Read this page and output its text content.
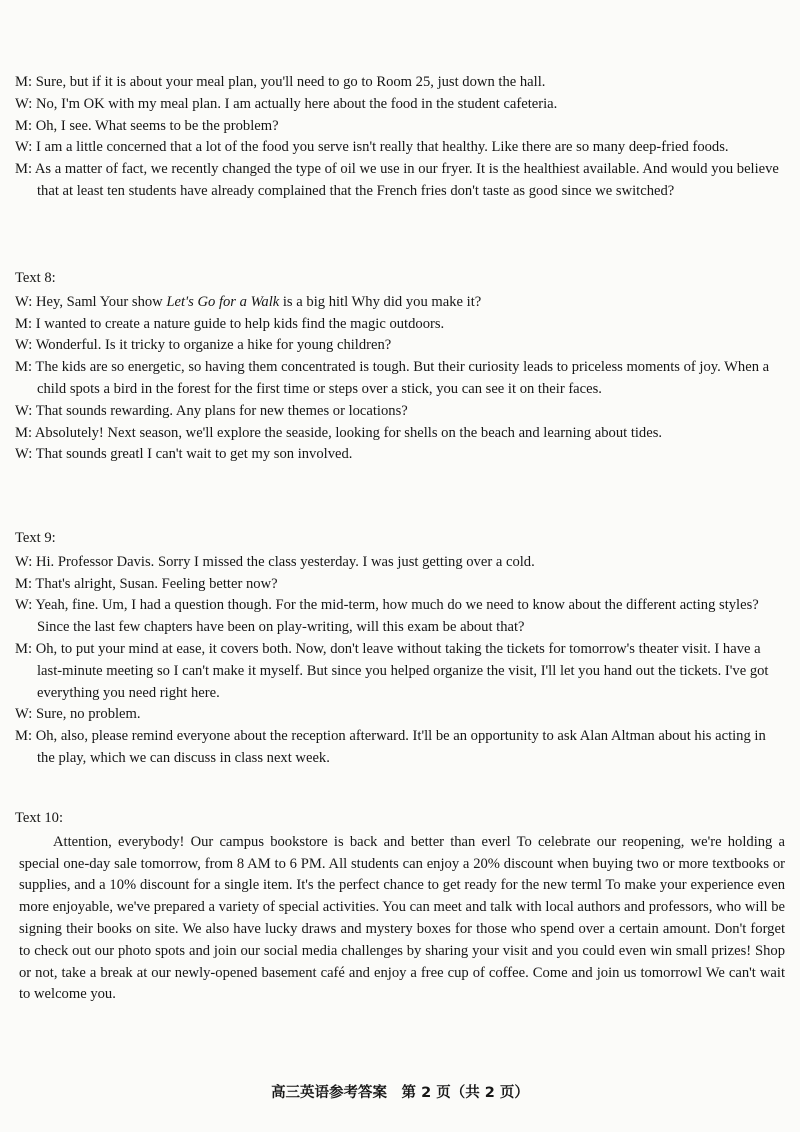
M: Sure, but if it is about your meal plan, you'll need to go to Room 25, just down the hall.

W: No, I'm OK with my meal plan. I am actually here about the food in the student cafeteria.

M: Oh, I see. What seems to be the problem?

W: I am a little concerned that a lot of the food you serve isn't really that healthy. Like there are so many deep-fried foods.

M: As a matter of fact, we recently changed the type of oil we use in our fryer. It is the healthiest available. And would you believe that at least ten students have already complained that the French fries don't taste as good since we switched?

Text 8:

W: Hey, Saml Your show Let's Go for a Walk is a big hitl Why did you make it?

M: I wanted to create a nature guide to help kids find the magic outdoors.

W: Wonderful. Is it tricky to organize a hike for young children?

M: The kids are so energetic, so having them concentrated is tough. But their curiosity leads to priceless moments of joy. When a child spots a bird in the forest for the first time or steps over a stick, you can see it on their faces.

W: That sounds rewarding. Any plans for new themes or locations?

M: Absolutely! Next season, we'll explore the seaside, looking for shells on the beach and learning about tides.

W: That sounds greatl I can't wait to get my son involved.

Text 9:

W: Hi. Professor Davis. Sorry I missed the class yesterday. I was just getting over a cold.

M: That's alright, Susan. Feeling better now?

W: Yeah, fine. Um, I had a question though. For the mid-term, how much do we need to know about the different acting styles? Since the last few chapters have been on play-writing, will this exam be about that?

M: Oh, to put your mind at ease, it covers both. Now, don't leave without taking the tickets for tomorrow's theater visit. I have a last-minute meeting so I can't make it myself. But since you helped organize the visit, I'll let you hand out the tickets. I've got everything you need right here.

W: Sure, no problem.

M: Oh, also, please remind everyone about the reception afterward. It'll be an opportunity to ask Alan Altman about his acting in the play, which we can discuss in class next week.

Text 10:

Attention, everybody! Our campus bookstore is back and better than everl To celebrate our reopening, we're holding a special one-day sale tomorrow, from 8 AM to 6 PM. All students can enjoy a 20% discount when buying two or more textbooks or supplies, and a 10% discount for a single item. It's the perfect chance to get ready for the new terml To make your experience even more enjoyable, we've prepared a variety of special activities. You can meet and talk with local authors and professors, who will be signing their books on site. We also have lucky draws and mystery boxes for those who spend over a certain amount. Don't forget to check out our photo spots and join our social media challenges by sharing your visit and you could even win small prizes! Shop or not, take a break at our newly-opened basement café and enjoy a free cup of coffee. Come and join us tomorrowl We can't wait to welcome you.

高三英语参考答案　第 2 页（共 2 页）
